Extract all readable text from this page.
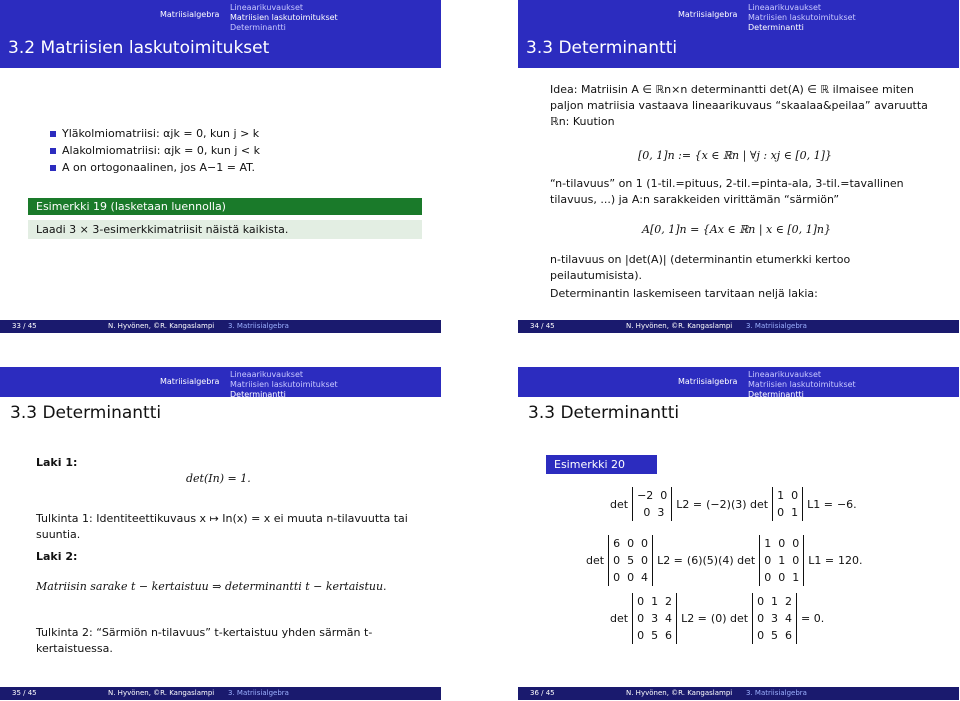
Matriisialgebra
Lineaarikuvaukset
Matriisien laskutoimitukset
Determinantti
3.2 Matriisien laskutoimitukset
Yläkolmiomatriisi: αjk = 0, kun j > k
Alakolmiomatriisi: αjk = 0, kun j < k
A on ortogonaalinen, jos A−1 = AT.
Esimerkki 19 (lasketaan luennolla)
Laadi 3 × 3-esimerkkimatriisit näistä kaikista.
33 / 45	N. Hyvönen, ©R. Kangaslampi 3. Matriisialgebra
Matriisialgebra
Lineaarikuvaukset
Matriisien laskutoimitukset
Determinantti
3.3 Determinantti
Idea: Matriisin A ∈ ℝn×n determinantti det(A) ∈ ℝ ilmaisee miten paljon matriisia vastaava lineaarikuvaus “skaalaa&peilaa” avaruutta ℝn: Kuution
[0, 1]n := {x ∈ ℝn | ∀j : xj ∈ [0, 1]}
“n-tilavuus” on 1 (1-til.=pituus, 2-til.=pinta-ala, 3-til.=tavallinen tilavuus, ...) ja A:n sarakkeiden virittämän “särmiön”
A[0, 1]n = {Ax ∈ ℝn | x ∈ [0, 1]n}
n-tilavuus on |det(A)| (determinantin etumerkki kertoo peilautumisista).
Determinantin laskemiseen tarvitaan neljä lakia:
34 / 45	N. Hyvönen, ©R. Kangaslampi 3. Matriisialgebra
Matriisialgebra
Lineaarikuvaukset
Matriisien laskutoimitukset
Determinantti
3.3 Determinantti
Laki 1:
det(In) = 1.
Tulkinta 1: Identiteettikuvaus x ↦ In(x) = x ei muuta n-tilavuutta tai suuntia.
Laki 2:
Matriisin sarake t − kertaistuu ⇒ determinantti t − kertaistuu.
Tulkinta 2: “Särmiön n-tilavuus” t-kertaistuu yhden särmän t-kertaistuessa.
35 / 45	N. Hyvönen, ©R. Kangaslampi 3. Matriisialgebra
Matriisialgebra
Lineaarikuvaukset
Matriisien laskutoimitukset
Determinantti
3.3 Determinantti
Esimerkki 20
det
−2  0
0  3
L2 = (−2)(3) det
1  0
0  1
L1 = −6.
det
6  0  0
0  5  0
0  0  4
L2 = (6)(5)(4) det
1  0  0
0  1  0
0  0  1
L1 = 120.
det
0  1  2
0  3  4
0  5  6
L2 = (0) det
0  1  2
0  3  4
0  5  6
= 0.
36 / 45	N. Hyvönen, ©R. Kangaslampi 3. Matriisialgebra
